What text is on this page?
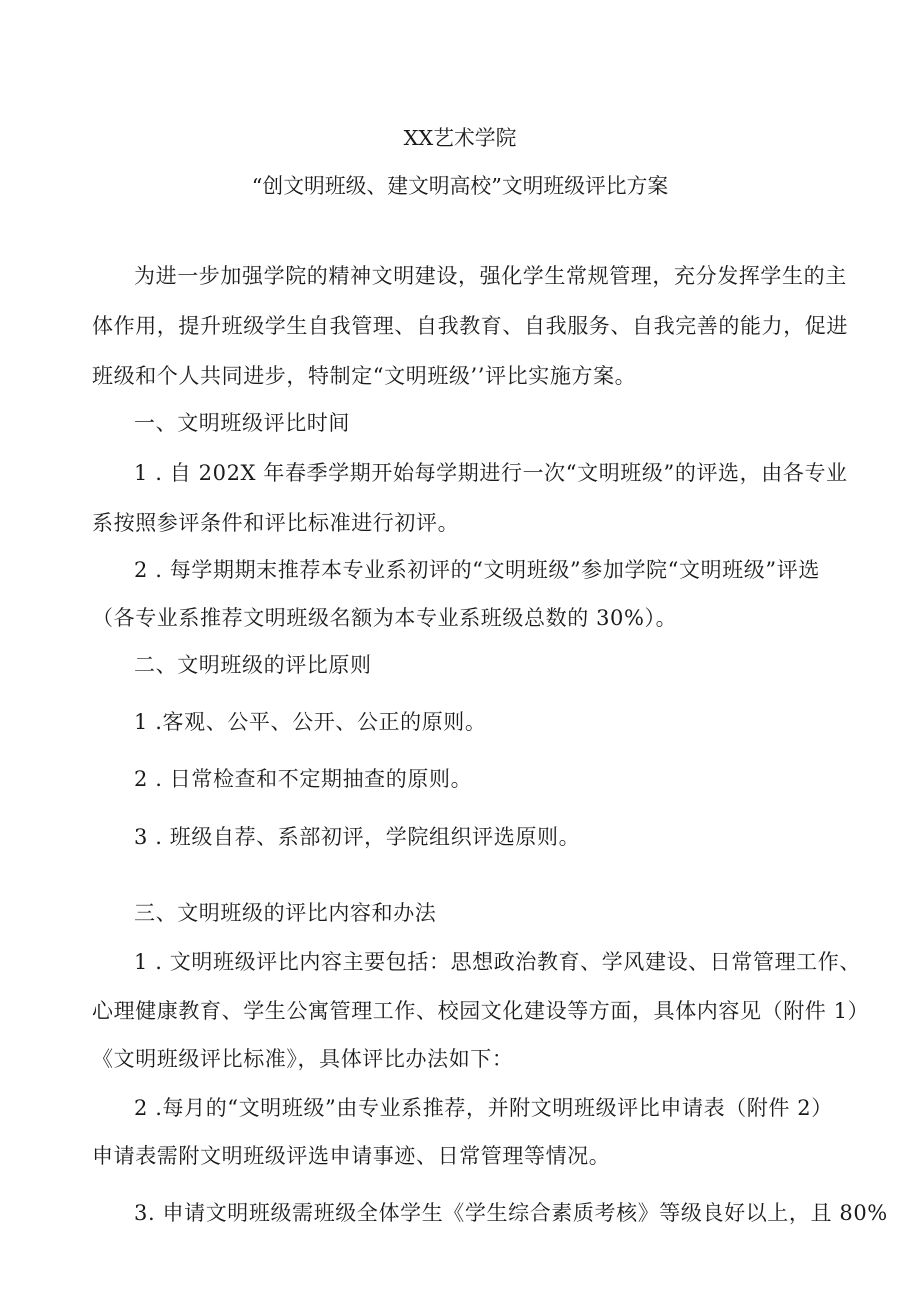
XX艺术学院
“创文明班级、建文明高校”文明班级评比方案
为进一步加强学院的精神文明建设，强化学生常规管理，充分发挥学生的主
体作用，提升班级学生自我管理、自我教育、自我服务、自我完善的能力，促进
班级和个人共同进步，特制定“文明班级’’评比实施方案。
一、文明班级评比时间
1 . 自 202X 年春季学期开始每学期进行一次“文明班级”的评选，由各专业
系按照参评条件和评比标准进行初评。
2 . 每学期期末推荐本专业系初评的“文明班级”参加学院“文明班级”评选
（各专业系推荐文明班级名额为本专业系班级总数的 30%）。
二、文明班级的评比原则
1 .客观、公平、公开、公正的原则。
2 . 日常检查和不定期抽查的原则。
3 . 班级自荐、系部初评，学院组织评选原则。
三、文明班级的评比内容和办法
1 . 文明班级评比内容主要包括：思想政治教育、学风建设、日常管理工作、
心理健康教育、学生公寓管理工作、校园文化建设等方面，具体内容见（附件 1）
《文明班级评比标准》，具体评比办法如下：
2 .每月的“文明班级”由专业系推荐，并附文明班级评比申请表（附件 2）
申请表需附文明班级评选申请事迹、日常管理等情况。
3. 申请文明班级需班级全体学生《学生综合素质考核》等级良好以上，且 80%
